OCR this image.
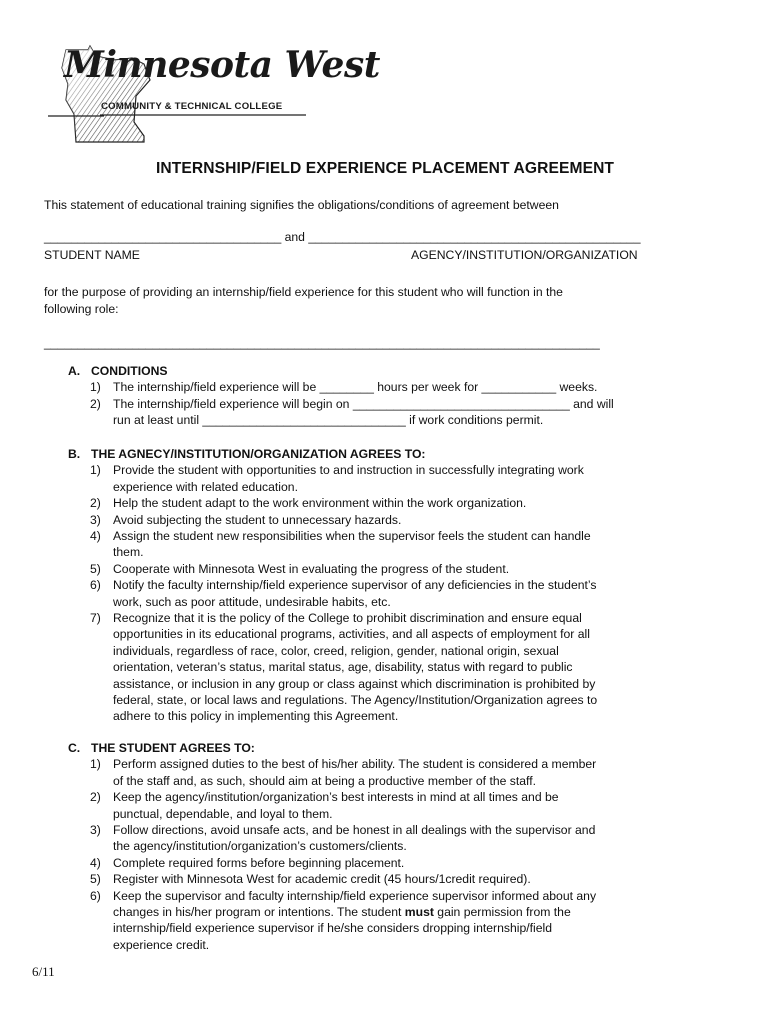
Minnesota West
COMMUNITY & TECHNICAL COLLEGE
INTERNSHIP/FIELD EXPERIENCE PLACEMENT AGREEMENT
This statement of educational training signifies the obligations/conditions of agreement between
___________________________________ and _________________________________________________
STUDENT NAME	AGENCY/INSTITUTION/ORGANIZATION
for the purpose of providing an internship/field experience for this student who will function in the
following role:
__________________________________________________________________________________
A. CONDITIONS
1) The internship/field experience will be ________ hours per week for ___________ weeks.
2) The internship/field experience will begin on ________________________________ and will
run at least until ______________________________ if work conditions permit.
B. THE AGNECY/INSTITUTION/ORGANIZATION AGREES TO:
1) Provide the student with opportunities to and instruction in successfully integrating work
experience with related education.
2) Help the student adapt to the work environment within the work organization.
3) Avoid subjecting the student to unnecessary hazards.
4) Assign the student new responsibilities when the supervisor feels the student can handle
them.
5) Cooperate with Minnesota West in evaluating the progress of the student.
6) Notify the faculty internship/field experience supervisor of any deficiencies in the student’s
work, such as poor attitude, undesirable habits, etc.
7) Recognize that it is the policy of the College to prohibit discrimination and ensure equal
opportunities in its educational programs, activities, and all aspects of employment for all
individuals, regardless of race, color, creed, religion, gender, national origin, sexual
orientation, veteran’s status, marital status, age, disability, status with regard to public
assistance, or inclusion in any group or class against which discrimination is prohibited by
federal, state, or local laws and regulations. The Agency/Institution/Organization agrees to
adhere to this policy in implementing this Agreement.
C. THE STUDENT AGREES TO:
1) Perform assigned duties to the best of his/her ability. The student is considered a member
of the staff and, as such, should aim at being a productive member of the staff.
2) Keep the agency/institution/organization’s best interests in mind at all times and be
punctual, dependable, and loyal to them.
3) Follow directions, avoid unsafe acts, and be honest in all dealings with the supervisor and
the agency/institution/organization’s customers/clients.
4) Complete required forms before beginning placement.
5) Register with Minnesota West for academic credit (45 hours/1credit required).
6) Keep the supervisor and faculty internship/field experience supervisor informed about any
changes in his/her program or intentions. The student must gain permission from the
internship/field experience supervisor if he/she considers dropping internship/field
experience credit.
6/11
